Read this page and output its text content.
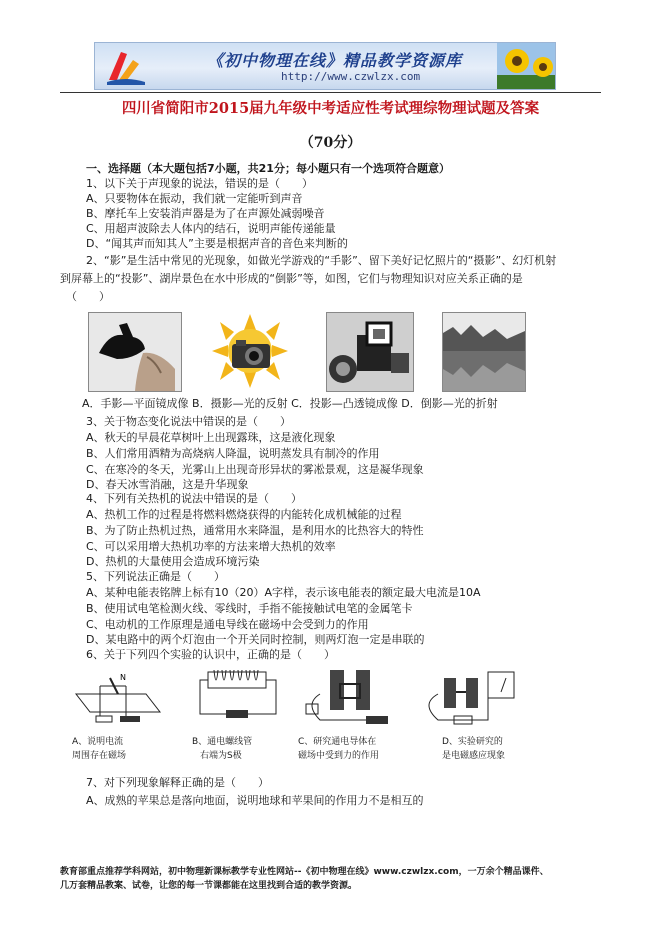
《初中物理在线》精品教学资源库
http://www.czwlzx.com
四川省简阳市2015届九年级中考适应性考试理综物理试题及答案
（70分）
一、选择题（本大题包括7小题，共21分；每小题只有一个选项符合题意）
1、以下关于声现象的说法，错误的是（　　）
A、只要物体在振动，我们就一定能听到声音
B、摩托车上安装消声器是为了在声源处减弱噪音
C、用超声波除去人体内的结石，说明声能传递能量
D、“闻其声而知其人”主要是根据声音的音色来判断的
2、“影”是生活中常见的光现象，如做光学游戏的“手影”、留下美好记忆照片的“摄影”、幻灯机射
到屏幕上的“投影”、湖岸景色在水中形成的“倒影”等，如图，它们与物理知识对应关系正确的是
（　　）
A．手影—平面镜成像 B．摄影—光的反射 C．投影—凸透镜成像 D．倒影—光的折射
3、关于物态变化说法中错误的是（　　）
A、秋天的早晨花草树叶上出现露珠，这是液化现象
B、人们常用酒精为高烧病人降温，说明蒸发具有制冷的作用
C、在寒冷的冬天，光雾山上出现奇形异状的雾凇景观，这是凝华现象
D、春天冰雪消融，这是升华现象
4、下列有关热机的说法中错误的是（　　）
A、热机工作的过程是将燃料燃烧获得的内能转化成机械能的过程
B、为了防止热机过热，通常用水来降温，是利用水的比热容大的特性
C、可以采用增大热机功率的方法来增大热机的效率
D、热机的大量使用会造成环境污染
5、下列说法正确是（　　）
A、某种电能表铭牌上标有10（20）A字样，表示该电能表的额定最大电流是10A
B、使用试电笔检测火线、零线时，手指不能接触试电笔的金属笔卡
C、电动机的工作原理是通电导线在磁场中会受到力的作用
D、某电路中的两个灯泡由一个开关同时控制，则两灯泡一定是串联的
6、关于下列四个实验的认识中，正确的是（　　）
N
A、说明电流
周围存在磁场
B、通电螺线管
右端为S极
C、研究通电导体在
磁场中受到力的作用
D、实验研究的
是电磁感应现象
7、对下列现象解释正确的是（　　）
A、成熟的苹果总是落向地面，说明地球和苹果间的作用力不是相互的
教育部重点推荐学科网站，初中物理新课标教学专业性网站--《初中物理在线》www.czwlzx.com，一万余个精品课件、
几万套精品教案、试卷，让您的每一节课都能在这里找到合适的教学资源。
